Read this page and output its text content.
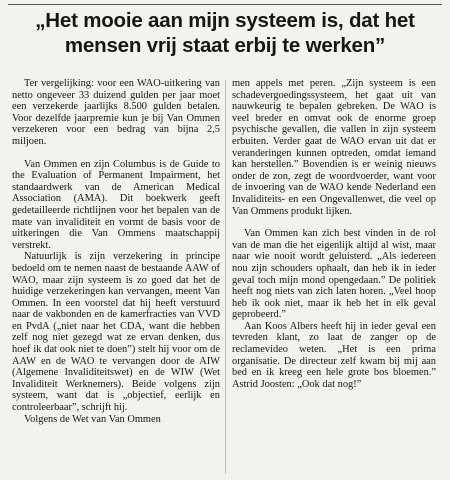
„Het mooie aan mijn systeem is, dat het mensen vrij staat erbij te werken”

Ter vergelijking: voor een WAO-uitkering van netto ongeveer 33 duizend gulden per jaar moet een verzekerde jaarlijks 8.500 gulden betalen. Voor dezelfde jaarpremie kun je bij Van Ommen verzekeren voor een bedrag van bijna 2,5 miljoen.

Van Ommen en zijn Columbus is de Guide to the Evaluation of Permanent Impairment, het standaardwerk van de American Medical Association (AMA). Dit boekwerk geeft gedetailleerde richtlijnen voor het bepalen van de mate van invaliditeit en vormt de basis voor de uitkeringen die Van Ommens maatschappij verstrekt.

Natuurlijk is zijn verzekering in principe bedoeld om te nemen naast de bestaande AAW of WAO, maar zijn systeem is zo goed dat het de huidige verzekeringen kan vervangen, meent Van Ommen. In een voorstel dat hij heeft verstuurd naar de vakbonden en de kamerfracties van VVD en PvdA („niet naar het CDA, want die hebben zelf nog niet gezegd wat ze ervan denken, dus hoef ik dat ook niet te doen”) stelt hij voor om de AAW en de WAO te vervangen door de AIW (Algemene Invaliditeitswet) en de WIW (Wet Invaliditeit Werknemers). Beide volgens zijn systeem, want dat is „objectief, eerlijk en controleerbaar”, schrijft hij.

Volgens de Wet van Van Ommen

men appels met peren. „Zijn systeem is een schadevergoedingssysteem, het gaat uit van nauwkeurig te bepalen gebreken. De WAO is veel breder en omvat ook de enorme groep psychische gevallen, die vallen in zijn systeem erbuiten. Verder gaat de WAO ervan uit dat er veranderingen kunnen optreden, omdat iemand kan herstellen.” Bovendien is er weinig nieuws onder de zon, zegt de woordvoerder, want voor de invoering van de WAO kende Nederland een Invaliditeits- en een Ongevallenwet, die veel op Van Ommens produkt lijken.

Van Ommen kan zich best vinden in de rol van de man die het eigenlijk altijd al wist, maar naar wie nooit wordt geluisterd. „Als iedereen nou zijn schouders ophaalt, dan heb ik in ieder geval toch mijn mond opengedaan.” De politiek heeft nog niets van zich laten horen. „Veel hoop heb ik ook niet, maar ik heb het in elk geval geprobeerd.”

Aan Koos Albers heeft hij in ieder geval een tevreden klant, zo laat de zanger op de reclamevideo weten. „Het is een prima organisatie. De directeur zelf kwam bij mij aan bed en ik kreeg een hele grote bos bloemen.” Astrid Joosten: „Ook dat nog!”
